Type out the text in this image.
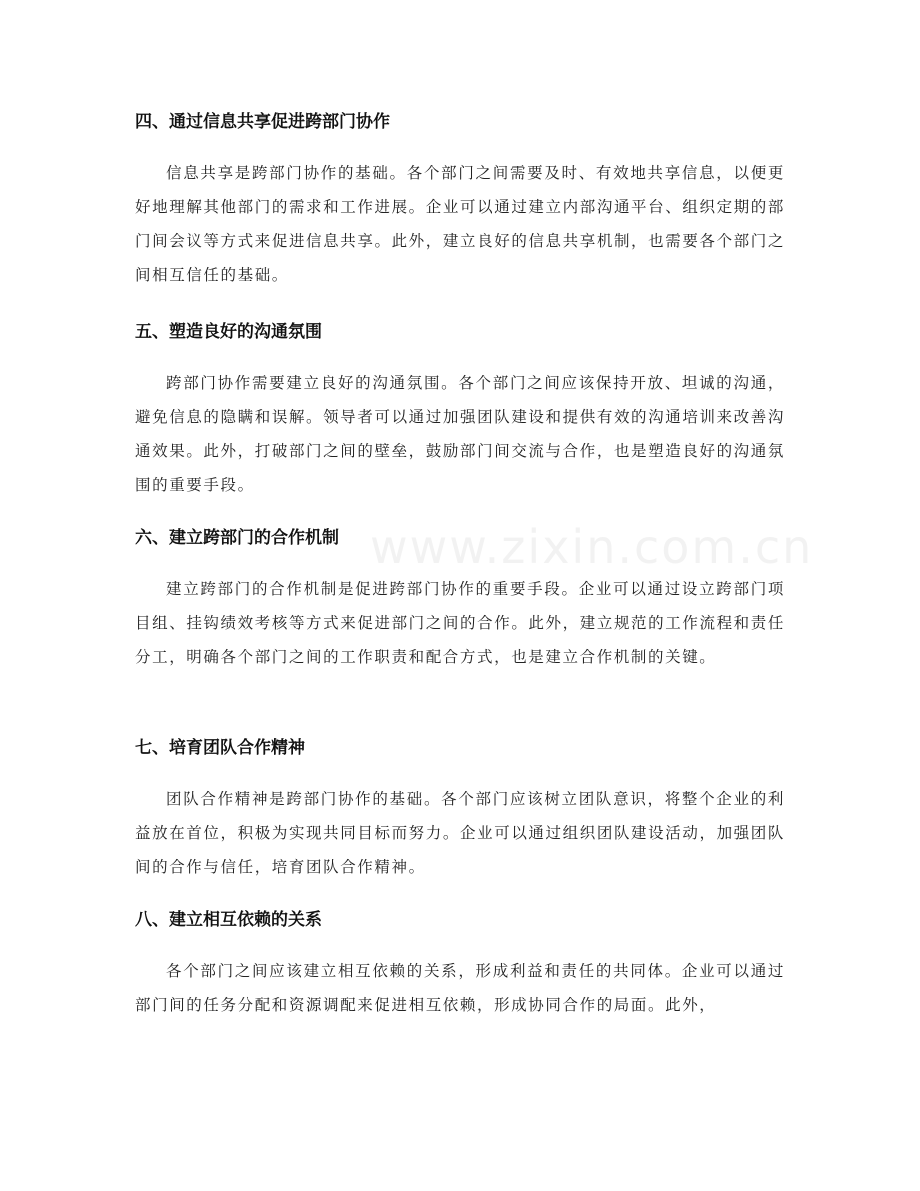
www.zixin.com.cn
四、通过信息共享促进跨部门协作

信息共享是跨部门协作的基础。各个部门之间需要及时、有效地共享信息，以便更好地理解其他部门的需求和工作进展。企业可以通过建立内部沟通平台、组织定期的部门间会议等方式来促进信息共享。此外，建立良好的信息共享机制，也需要各个部门之间相互信任的基础。

五、塑造良好的沟通氛围

跨部门协作需要建立良好的沟通氛围。各个部门之间应该保持开放、坦诚的沟通，避免信息的隐瞒和误解。领导者可以通过加强团队建设和提供有效的沟通培训来改善沟通效果。此外，打破部门之间的壁垒，鼓励部门间交流与合作，也是塑造良好的沟通氛围的重要手段。

六、建立跨部门的合作机制

建立跨部门的合作机制是促进跨部门协作的重要手段。企业可以通过设立跨部门项目组、挂钩绩效考核等方式来促进部门之间的合作。此外，建立规范的工作流程和责任分工，明确各个部门之间的工作职责和配合方式，也是建立合作机制的关键。

七、培育团队合作精神

团队合作精神是跨部门协作的基础。各个部门应该树立团队意识，将整个企业的利益放在首位，积极为实现共同目标而努力。企业可以通过组织团队建设活动，加强团队间的合作与信任，培育团队合作精神。

八、建立相互依赖的关系

各个部门之间应该建立相互依赖的关系，形成利益和责任的共同体。企业可以通过部门间的任务分配和资源调配来促进相互依赖，形成协同合作的局面。此外，
